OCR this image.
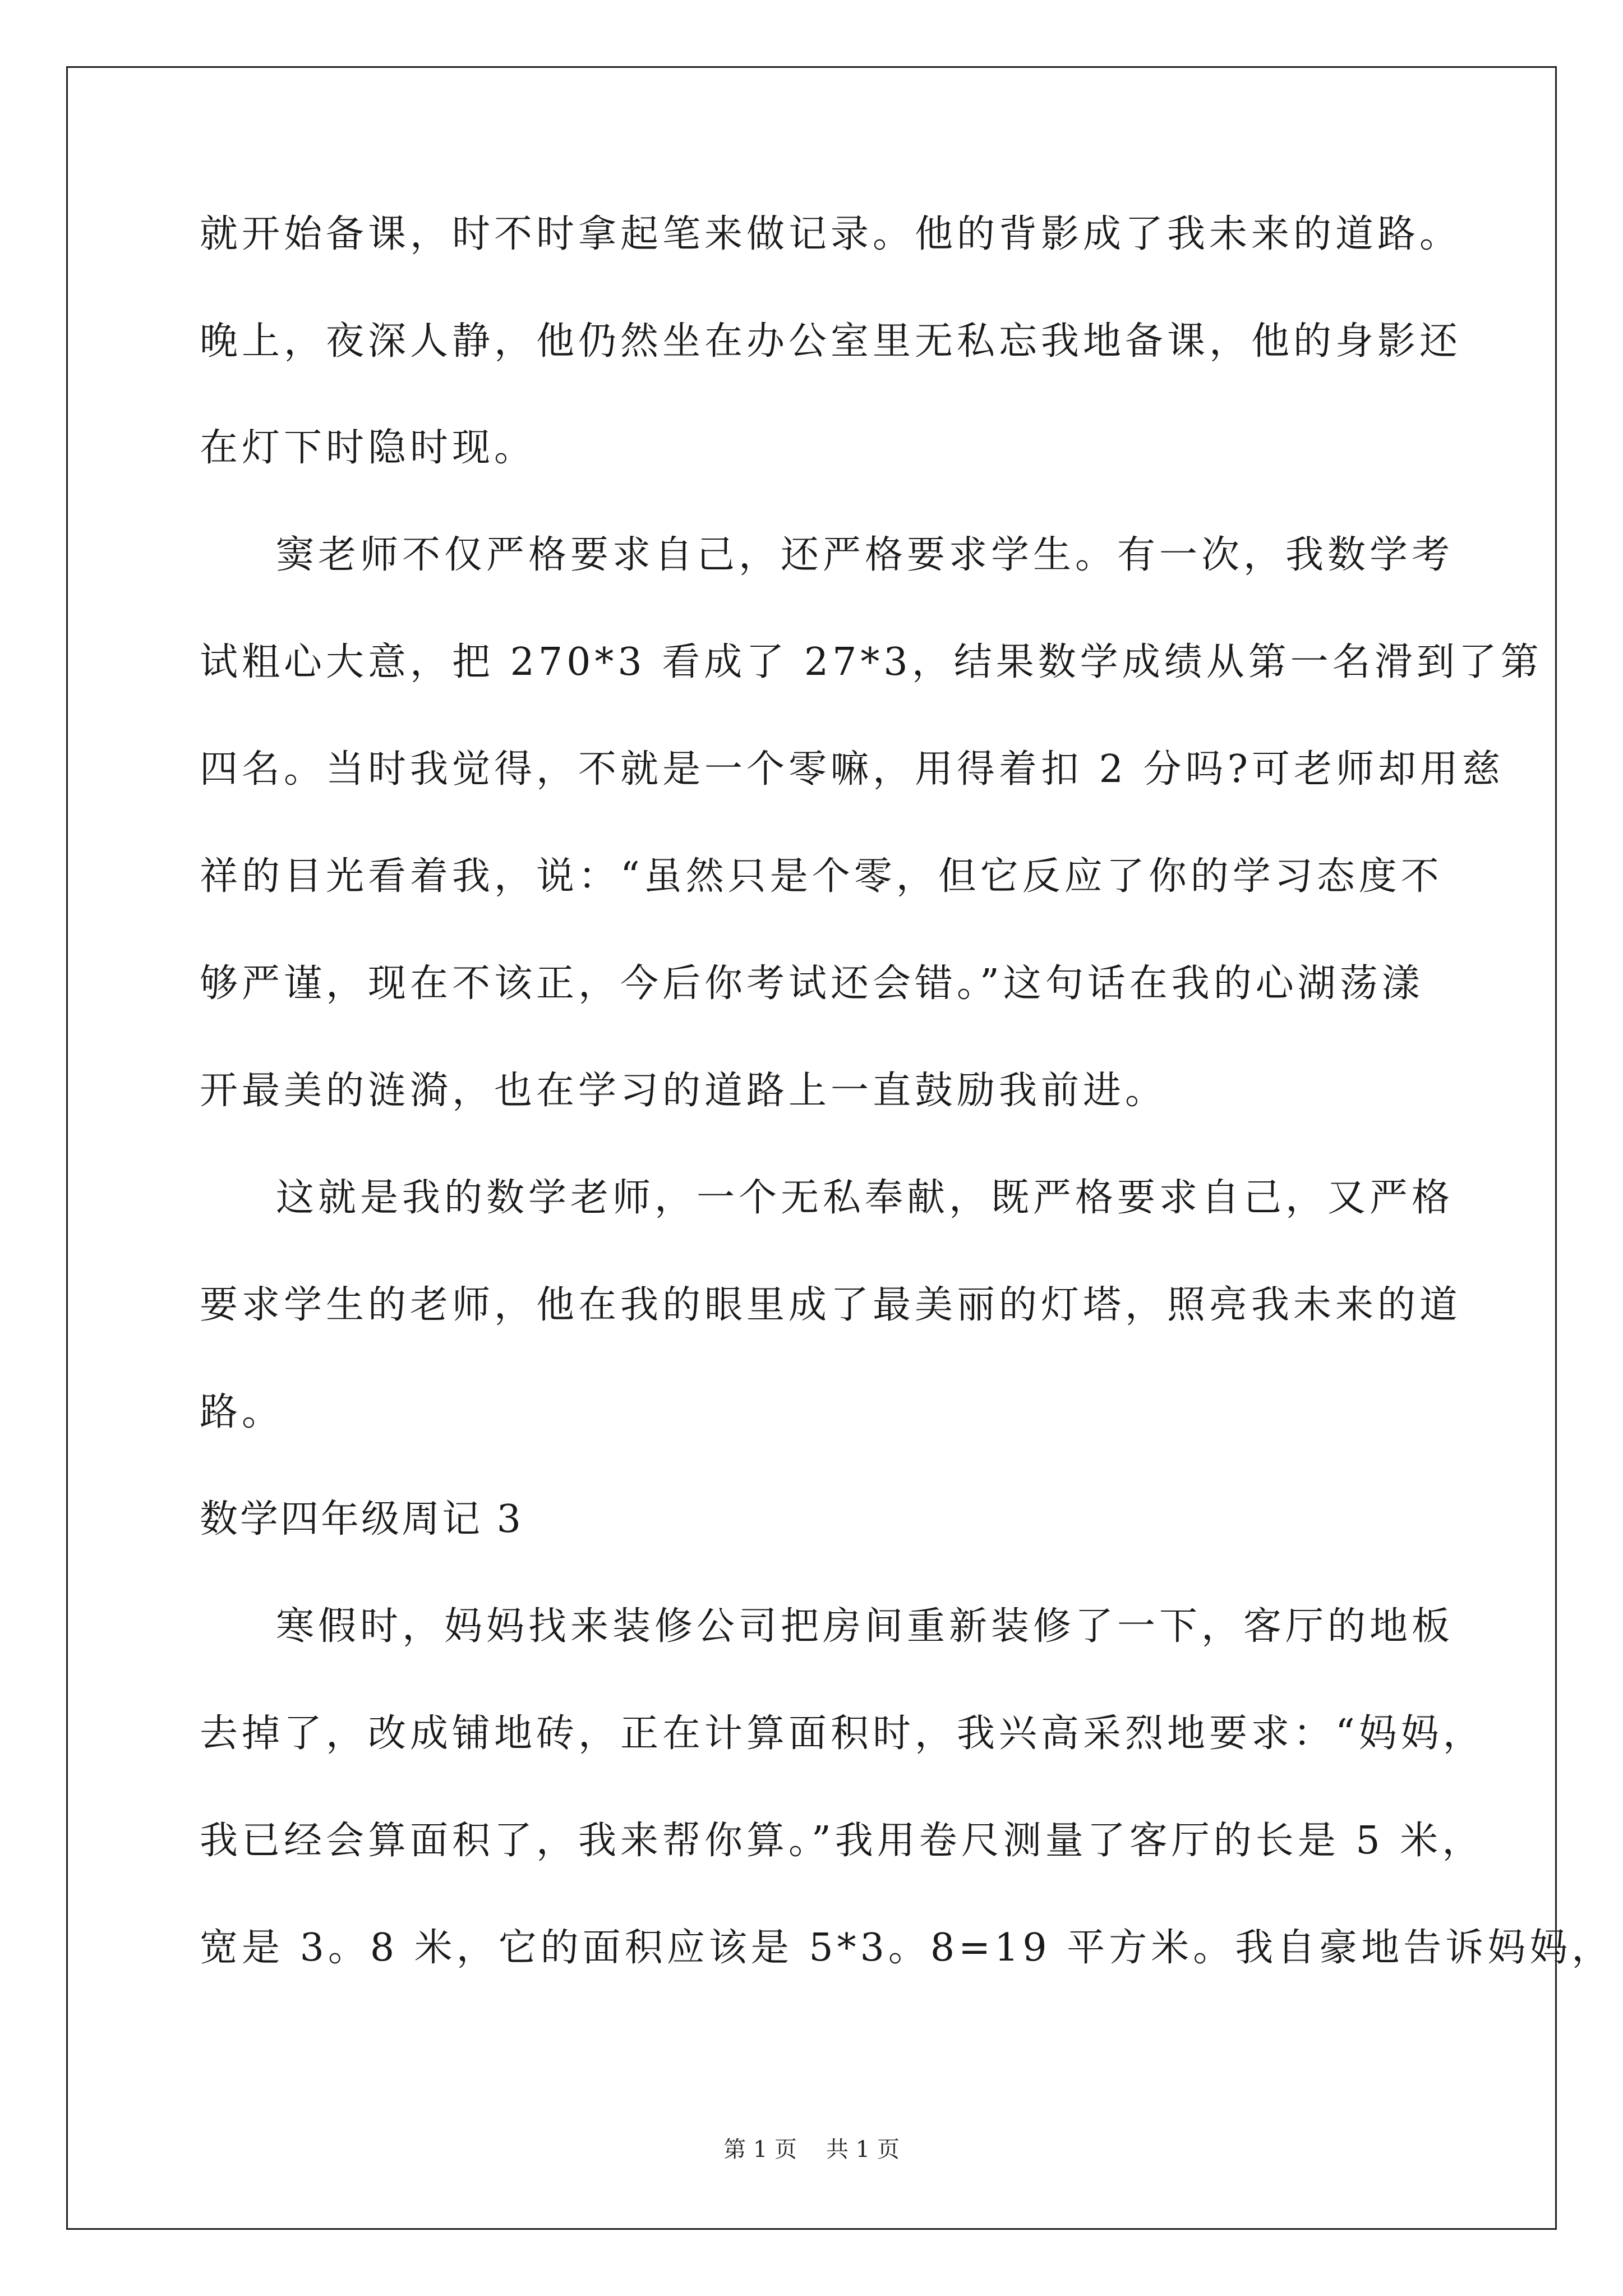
就开始备课，时不时拿起笔来做记录。他的背影成了我未来的道路。
晚上，夜深人静，他仍然坐在办公室里无私忘我地备课，他的身影还
在灯下时隐时现。
窦老师不仅严格要求自己，还严格要求学生。有一次，我数学考
试粗心大意，把 270*3 看成了 27*3，结果数学成绩从第一名滑到了第
四名。当时我觉得，不就是一个零嘛，用得着扣 2 分吗?可老师却用慈
祥的目光看着我，说：“虽然只是个零，但它反应了你的学习态度不
够严谨，现在不该正，今后你考试还会错。”这句话在我的心湖荡漾
开最美的涟漪，也在学习的道路上一直鼓励我前进。
这就是我的数学老师，一个无私奉献，既严格要求自己，又严格
要求学生的老师，他在我的眼里成了最美丽的灯塔，照亮我未来的道
路。
数学四年级周记 3
寒假时，妈妈找来装修公司把房间重新装修了一下，客厅的地板
去掉了，改成铺地砖，正在计算面积时，我兴高采烈地要求：“妈妈，
我已经会算面积了，我来帮你算。”我用卷尺测量了客厅的长是 5 米，
宽是 3。8 米，它的面积应该是 5*3。8=19 平方米。我自豪地告诉妈妈，
第 1 页 共 1 页
